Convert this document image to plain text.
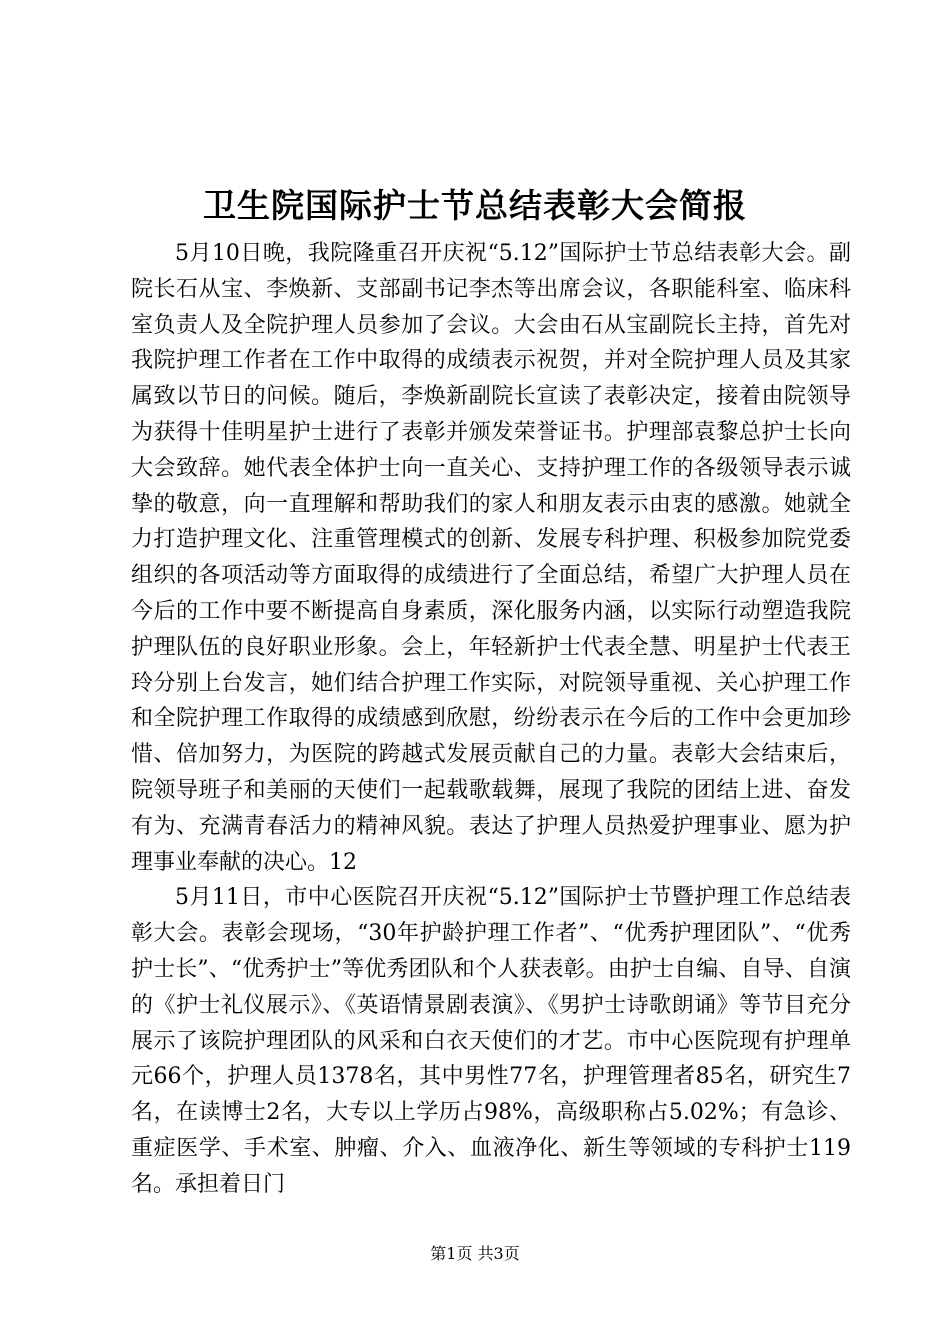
卫生院国际护士节总结表彰大会简报

5月10日晚，我院隆重召开庆祝“5.12”国际护士节总结表彰大会。副院长石从宝、李焕新、支部副书记李杰等出席会议，各职能科室、临床科室负责人及全院护理人员参加了会议。大会由石从宝副院长主持，首先对我院护理工作者在工作中取得的成绩表示祝贺，并对全院护理人员及其家属致以节日的问候。随后，李焕新副院长宣读了表彰决定，接着由院领导为获得十佳明星护士进行了表彰并颁发荣誉证书。护理部袁黎总护士长向大会致辞。她代表全体护士向一直关心、支持护理工作的各级领导表示诚挚的敬意，向一直理解和帮助我们的家人和朋友表示由衷的感激。她就全力打造护理文化、注重管理模式的创新、发展专科护理、积极参加院党委组织的各项活动等方面取得的成绩进行了全面总结，希望广大护理人员在今后的工作中要不断提高自身素质，深化服务内涵，以实际行动塑造我院护理队伍的良好职业形象。会上，年轻新护士代表全慧、明星护士代表王玲分别上台发言，她们结合护理工作实际，对院领导重视、关心护理工作和全院护理工作取得的成绩感到欣慰，纷纷表示在今后的工作中会更加珍惜、倍加努力，为医院的跨越式发展贡献自己的力量。表彰大会结束后，院领导班子和美丽的天使们一起载歌载舞，展现了我院的团结上进、奋发有为、充满青春活力的精神风貌。表达了护理人员热爱护理事业、愿为护理事业奉献的决心。12

5月11日，市中心医院召开庆祝“5.12”国际护士节暨护理工作总结表彰大会。表彰会现场，“30年护龄护理工作者”、“优秀护理团队”、“优秀护士长”、“优秀护士”等优秀团队和个人获表彰。由护士自编、自导、自演的《护士礼仪展示》、《英语情景剧表演》、《男护士诗歌朗诵》等节目充分展示了该院护理团队的风采和白衣天使们的才艺。市中心医院现有护理单元66个，护理人员1378名，其中男性77名，护理管理者85名，研究生7名，在读博士2名，大专以上学历占98%，高级职称占5.02%；有急诊、重症医学、手术室、肿瘤、介入、血液净化、新生等领域的专科护士119名。承担着日门

第1页 共3页
